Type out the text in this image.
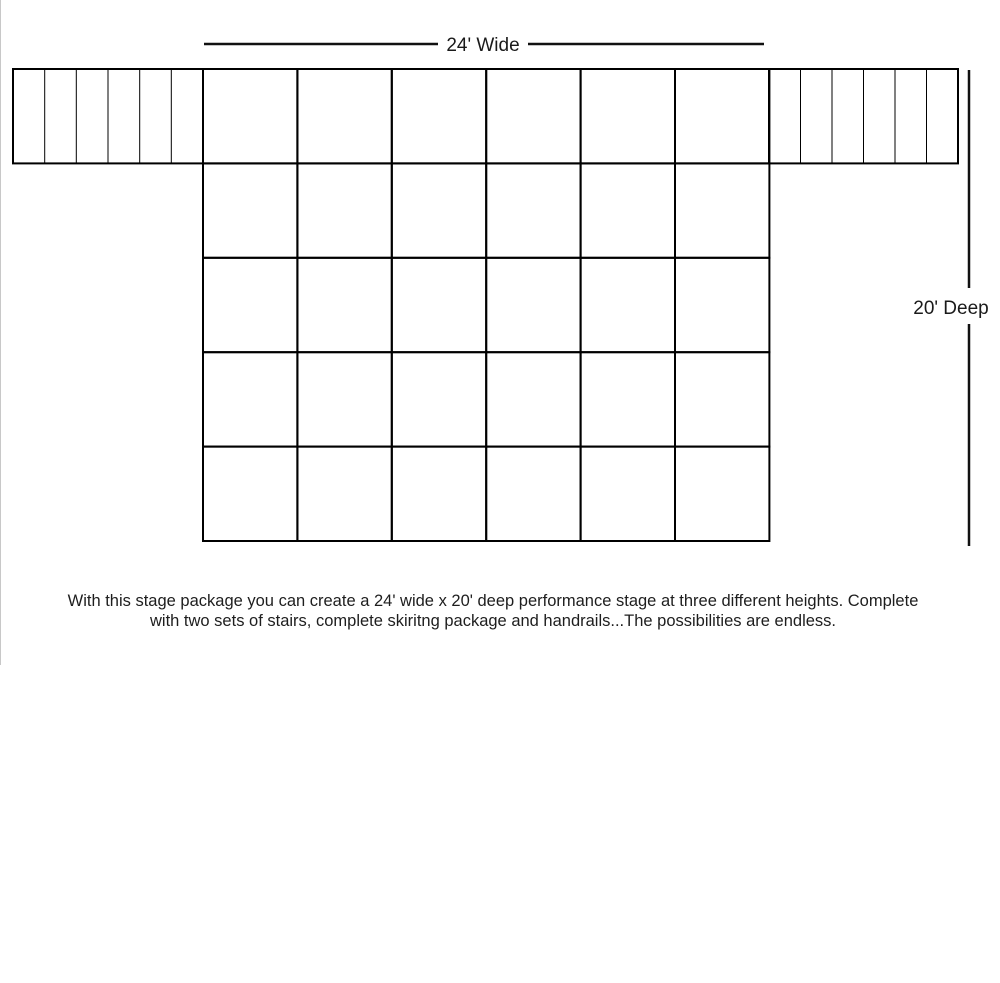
24' Wide
20' Deep
With this stage package you can create a 24' wide x 20' deep performance stage at three different heights. Complete
with two sets of stairs, complete skiritng package and handrails...The possibilities are endless.
